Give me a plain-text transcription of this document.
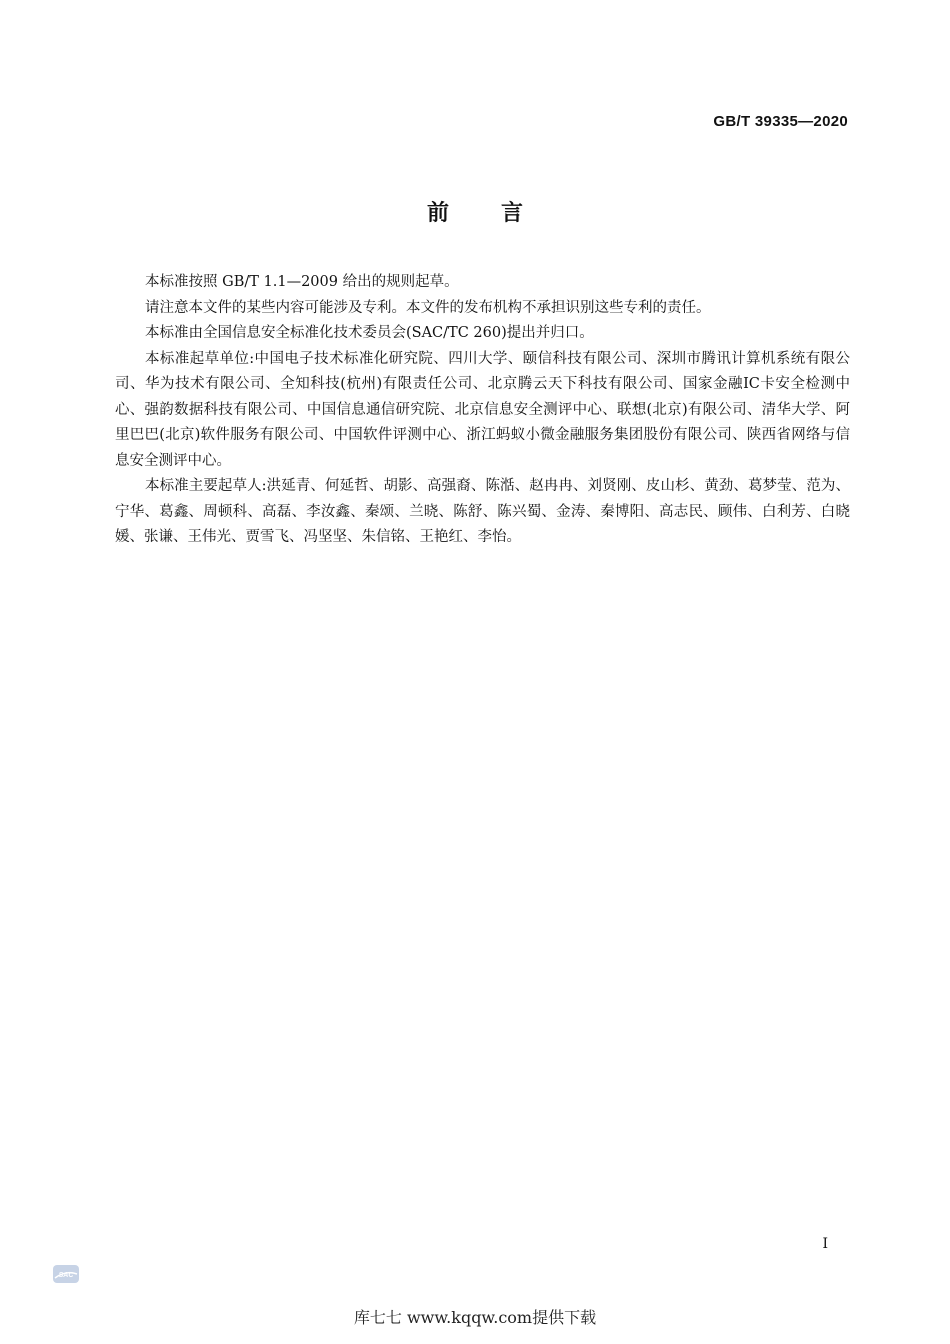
GB/T 39335—2020
前言

本标准按照 GB/T 1.1—2009 给出的规则起草。

请注意本文件的某些内容可能涉及专利。本文件的发布机构不承担识别这些专利的责任。

本标准由全国信息安全标准化技术委员会(SAC/TC 260)提出并归口。

本标准起草单位:中国电子技术标准化研究院、四川大学、颐信科技有限公司、深圳市腾讯计算机系统有限公司、华为技术有限公司、全知科技(杭州)有限责任公司、北京腾云天下科技有限公司、国家金融IC卡安全检测中心、强韵数据科技有限公司、中国信息通信研究院、北京信息安全测评中心、联想(北京)有限公司、清华大学、阿里巴巴(北京)软件服务有限公司、中国软件评测中心、浙江蚂蚁小微金融服务集团股份有限公司、陕西省网络与信息安全测评中心。

本标准主要起草人:洪延青、何延哲、胡影、高强裔、陈湉、赵冉冉、刘贤刚、皮山杉、黄劲、葛梦莹、范为、宁华、葛鑫、周顿科、高磊、李汝鑫、秦颂、兰晓、陈舒、陈兴蜀、金涛、秦博阳、高志民、顾伟、白利芳、白晓媛、张谦、王伟光、贾雪飞、冯坚坚、朱信铭、王艳红、李怡。

I
SAC
库七七 www.kqqw.com提供下载
